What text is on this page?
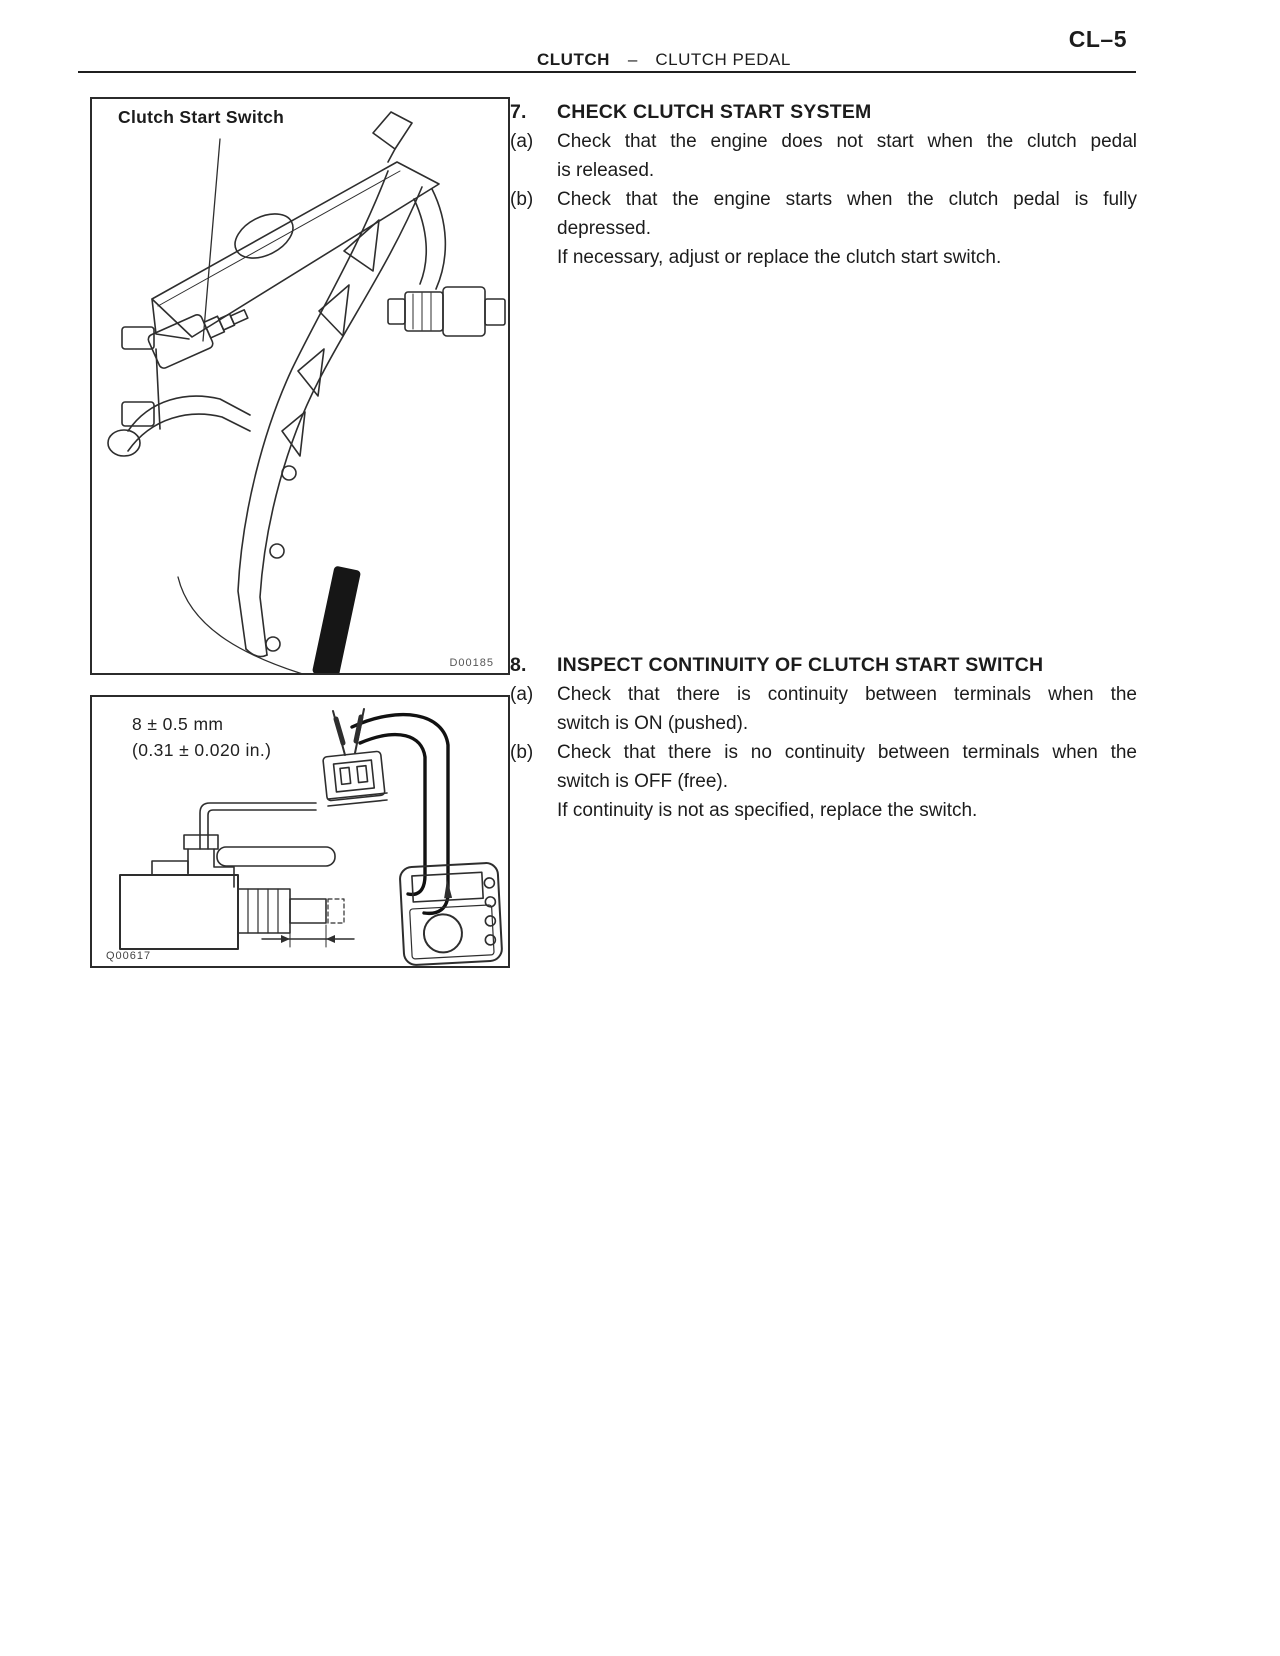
CL–5
CLUTCH – CLUTCH PEDAL
Clutch Start Switch
D00185
8 ± 0.5 mm
(0.31 ± 0.020 in.)
Q00617
7.	CHECK CLUTCH START SYSTEM
(a)	Check that the engine does not start when the clutch pedal
is released.
(b)	Check that the engine starts when the clutch pedal is fully
depressed.
If necessary, adjust or replace the clutch start switch.
8.	INSPECT CONTINUITY OF CLUTCH START SWITCH
(a)	Check that there is continuity between terminals when the
switch is ON (pushed).
(b)	Check that there is no continuity between terminals when the
switch is OFF (free).
If continuity is not as specified, replace the switch.
